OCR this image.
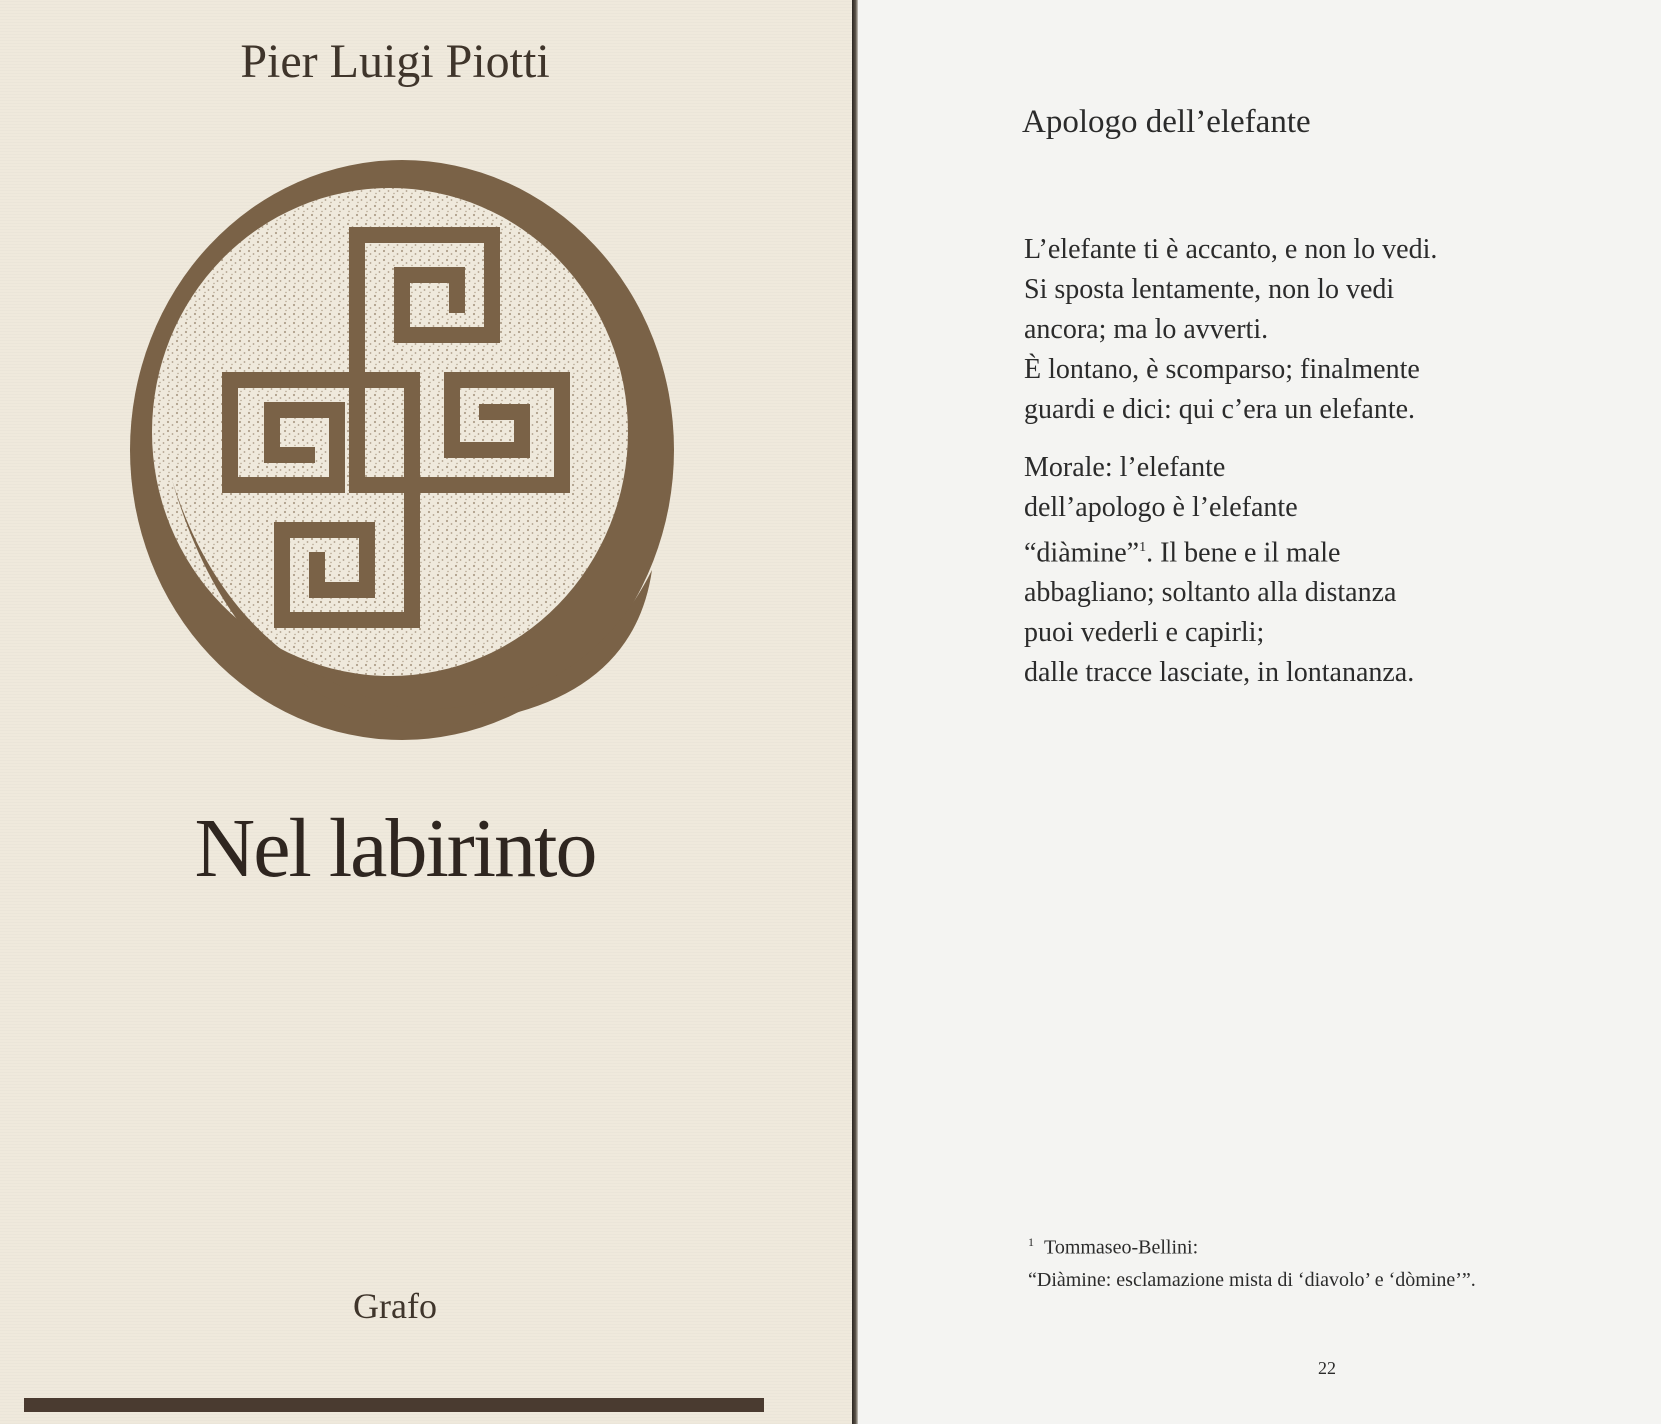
Pier Luigi Piotti
Nel labirinto
Grafo
Apologo dell’elefante
L’elefante ti è accanto, e non lo vedi.
Si sposta lentamente, non lo vedi
ancora; ma lo avverti.
È lontano, è scomparso; finalmente
guardi e dici: qui c’era un elefante.
Morale: l’elefante
dell’apologo è l’elefante
“diàmine”$^1$. Il bene e il male
abbagliano; soltanto alla distanza
puoi vederli e capirli;
dalle tracce lasciate, in lontananza.
$^1$ Tommaseo-Bellini:
“Diàmine: esclamazione mista di ‘diavolo’ e ‘dòmine’”.
22
